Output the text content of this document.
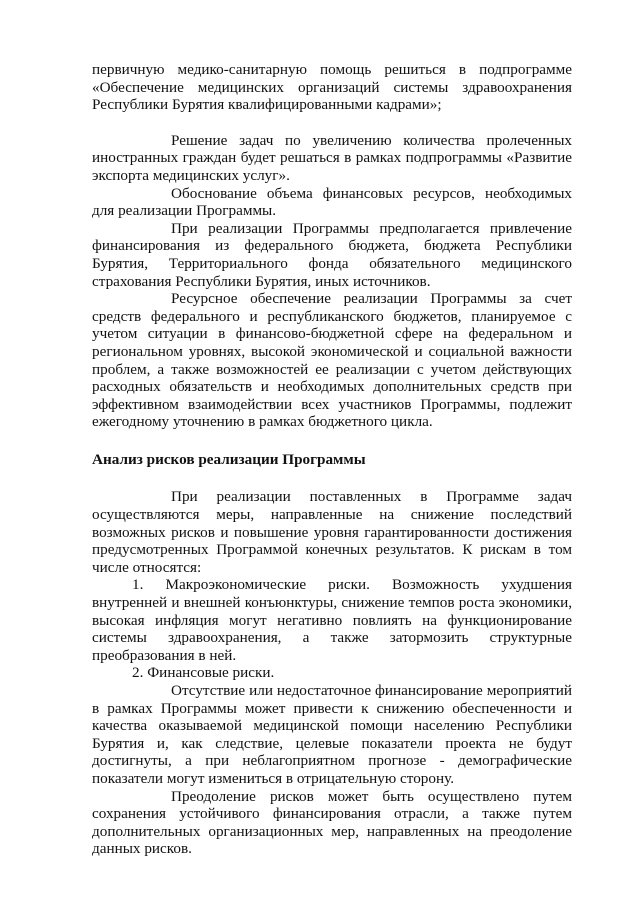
первичную медико-санитарную помощь решиться в подпрограмме «Обеспечение медицинских организаций системы здравоохранения Республики Бурятия квалифицированными кадрами»;

Решение задач по увеличению количества пролеченных иностранных граждан будет решаться в рамках подпрограммы «Развитие экспорта медицинских услуг».

Обоснование объема финансовых ресурсов, необходимых для реализации Программы.

При реализации Программы предполагается привлечение финансирования из федерального бюджета, бюджета Республики Бурятия, Территориального фонда обязательного медицинского страхования Республики Бурятия, иных источников.

Ресурсное обеспечение реализации Программы за счет средств федерального и республиканского бюджетов, планируемое с учетом ситуации в финансово-бюджетной сфере на федеральном и региональном уровнях, высокой экономической и социальной важности проблем, а также возможностей ее реализации с учетом действующих расходных обязательств и необходимых дополнительных средств при эффективном взаимодействии всех участников Программы, подлежит ежегодному уточнению в рамках бюджетного цикла.

Анализ рисков реализации Программы

При реализации поставленных в Программе задач осуществляются меры, направленные на снижение последствий возможных рисков и повышение уровня гарантированности достижения предусмотренных Программой конечных результатов. К рискам в том числе относятся:

1. Макроэкономические риски. Возможность ухудшения внутренней и внешней конъюнктуры, снижение темпов роста экономики, высокая инфляция могут негативно повлиять на функционирование системы здравоохранения, а также затормозить структурные преобразования в ней.

2. Финансовые риски.

Отсутствие или недостаточное финансирование мероприятий в рамках Программы может привести к снижению обеспеченности и качества оказываемой медицинской помощи населению Республики Бурятия и, как следствие, целевые показатели проекта не будут достигнуты, а при неблагоприятном прогнозе - демографические показатели могут измениться в отрицательную сторону.

Преодоление рисков может быть осуществлено путем сохранения устойчивого финансирования отрасли, а также путем дополнительных организационных мер, направленных на преодоление данных рисков.
